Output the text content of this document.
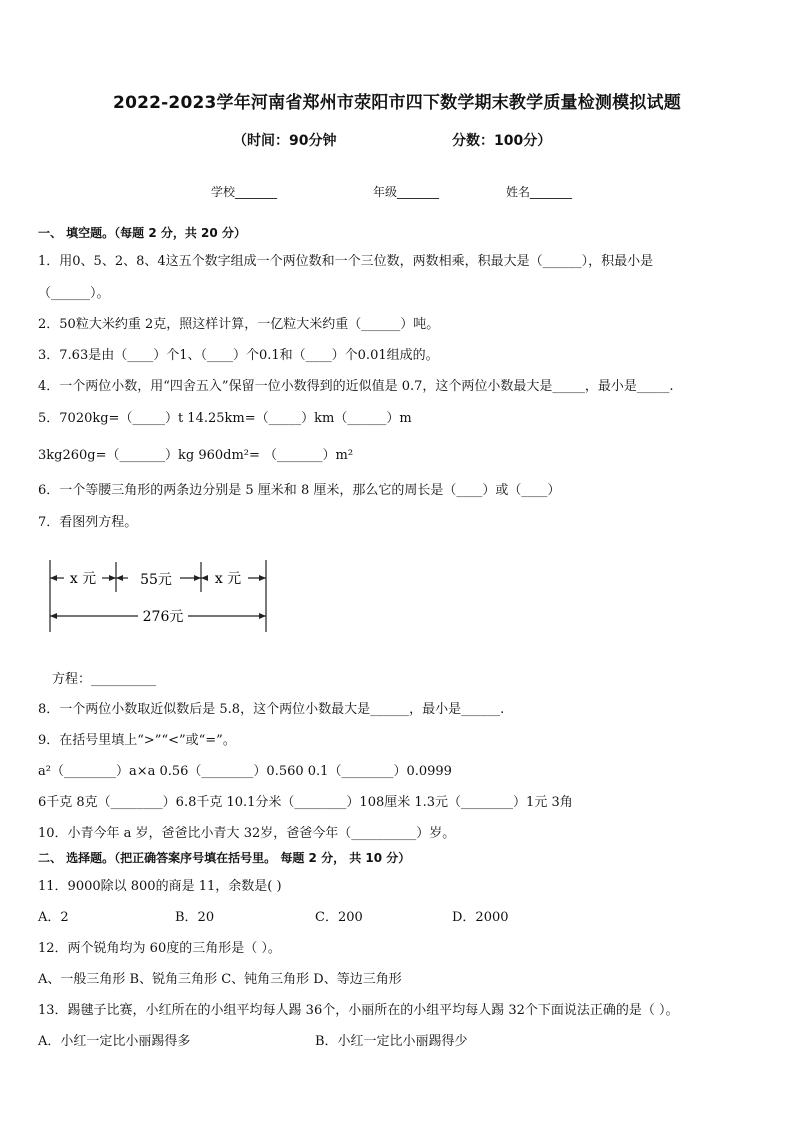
2022-2023学年河南省郑州市荥阳市四下数学期末教学质量检测模拟试题
（时间：90分钟	分数：100分）
学校_______	年级_______	姓名_______
一、 填空题。（每题 2 分，共 20 分）
1．用0、5、2、8、4这五个数字组成一个两位数和一个三位数，两数相乘，积最大是（______），积最小是
（______）。
2．50粒大米约重 2克，照这样计算，一亿粒大米约重（______）吨。
3．7.63是由（____）个1、（____）个0.1和（____）个0.01组成的。
4．一个两位小数，用“四舍五入”保留一位小数得到的近似值是 0.7，这个两位小数最大是_____，最小是_____.
5．7020kg=（_____）t 14.25km=（_____）km（______）m
3kg260g=（_______）kg 960dm²= （_______）m²
6．一个等腰三角形的两条边分别是 5 厘米和 8 厘米，那么它的周长是（____）或（____）
7．看图列方程。
x 元	55元	x 元
276元
方程：__________
8．一个两位小数取近似数后是 5.8，这个两位小数最大是______，最小是______.
9．在括号里填上“>”“<”或“=”。
a²（________）a×a 0.56（________）0.560 0.1（________）0.0999
6千克 8克（________）6.8千克 10.1分米（________）108厘米 1.3元（________）1元 3角
10．小青今年 a 岁，爸爸比小青大 32岁，爸爸今年（__________）岁。
二、 选择题。（把正确答案序号填在括号里。 每题 2 分， 共 10 分）
11．9000除以 800的商是 11，余数是( )
A．2	B．20	C．200	D．2000
12．两个锐角均为 60度的三角形是（ ）。
A、一般三角形 B、锐角三角形 C、钝角三角形 D、等边三角形
13．踢毽子比赛，小红所在的小组平均每人踢 36个，小丽所在的小组平均每人踢 32个下面说法正确的是（ ）。
A．小红一定比小丽踢得多	B．小红一定比小丽踢得少
